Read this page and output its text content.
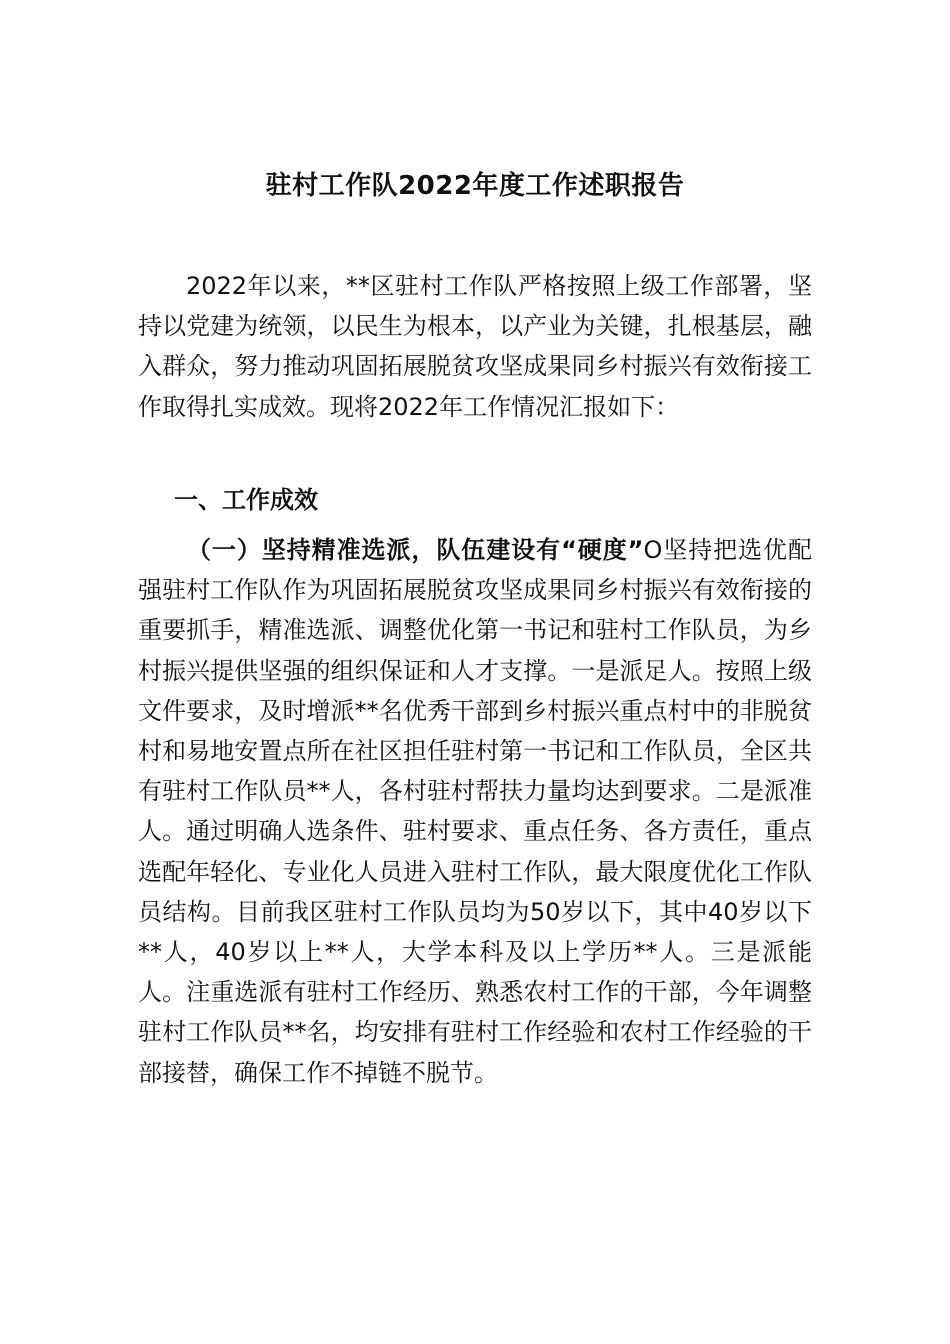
驻村工作队2022年度工作述职报告
2022年以来，**区驻村工作队严格按照上级工作部署，坚持以党建为统领，以民生为根本，以产业为关键，扎根基层，融入群众，努力推动巩固拓展脱贫攻坚成果同乡村振兴有效衔接工作取得扎实成效。现将2022年工作情况汇报如下：
一、工作成效
（一）坚持精准选派，队伍建设有“硬度”O坚持把选优配强驻村工作队作为巩固拓展脱贫攻坚成果同乡村振兴有效衔接的重要抓手，精准选派、调整优化第一书记和驻村工作队员，为乡村振兴提供坚强的组织保证和人才支撑。一是派足人。按照上级文件要求，及时增派**名优秀干部到乡村振兴重点村中的非脱贫村和易地安置点所在社区担任驻村第一书记和工作队员，全区共有驻村工作队员**人，各村驻村帮扶力量均达到要求。二是派准人。通过明确人选条件、驻村要求、重点任务、各方责任，重点选配年轻化、专业化人员进入驻村工作队，最大限度优化工作队员结构。目前我区驻村工作队员均为50岁以下，其中40岁以下**人，40岁以上**人，大学本科及以上学历**人。三是派能人。注重选派有驻村工作经历、熟悉农村工作的干部，今年调整驻村工作队员**名，均安排有驻村工作经验和农村工作经验的干部接替，确保工作不掉链不脱节。
